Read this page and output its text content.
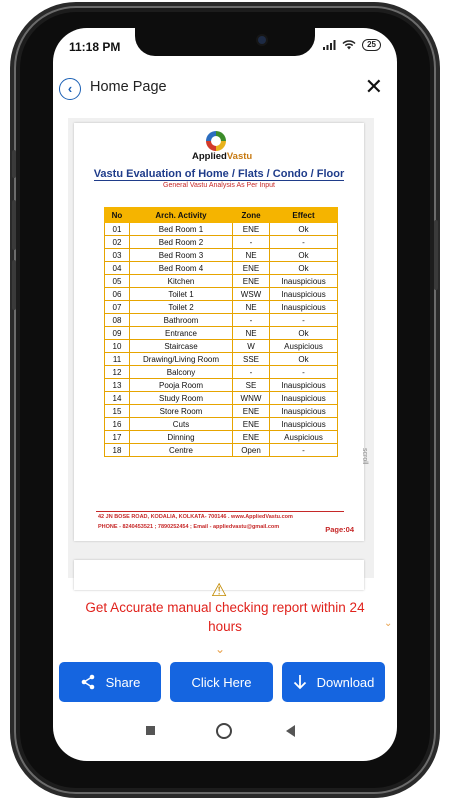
11:18 PM	25
‹	Home Page	✕
AppliedVastu
Vastu Evaluation of Home / Flats / Condo / Floor
General Vastu Analysis As Per Input
No	Arch. Activity	Zone	Effect
01	Bed Room 1	ENE	Ok
02	Bed Room 2	-	-
03	Bed Room 3	NE	Ok
04	Bed Room 4	ENE	Ok
05	Kitchen	ENE	Inauspicious
06	Toilet 1	WSW	Inauspicious
07	Toilet 2	NE	Inauspicious
08	Bathroom	-	-
09	Entrance	NE	Ok
10	Staircase	W	Auspicious
11	Drawing/Living Room	SSE	Ok
12	Balcony	-	-
13	Pooja Room	SE	Inauspicious
14	Study Room	WNW	Inauspicious
15	Store Room	ENE	Inauspicious
16	Cuts	ENE	Inauspicious
17	Dinning	ENE	Auspicious
18	Centre	Open	-
42 JN BOSE ROAD, KODALIA, KOLKATA- 700146 . www.AppliedVastu.com
PHONE - 8240453521 ; 7890252454 ; Email - appliedvastu@gmail.com	Page:04
scroll
⌄
⚠
Get Accurate manual checking report within 24 hours
⌄
Share	Click Here	Download
